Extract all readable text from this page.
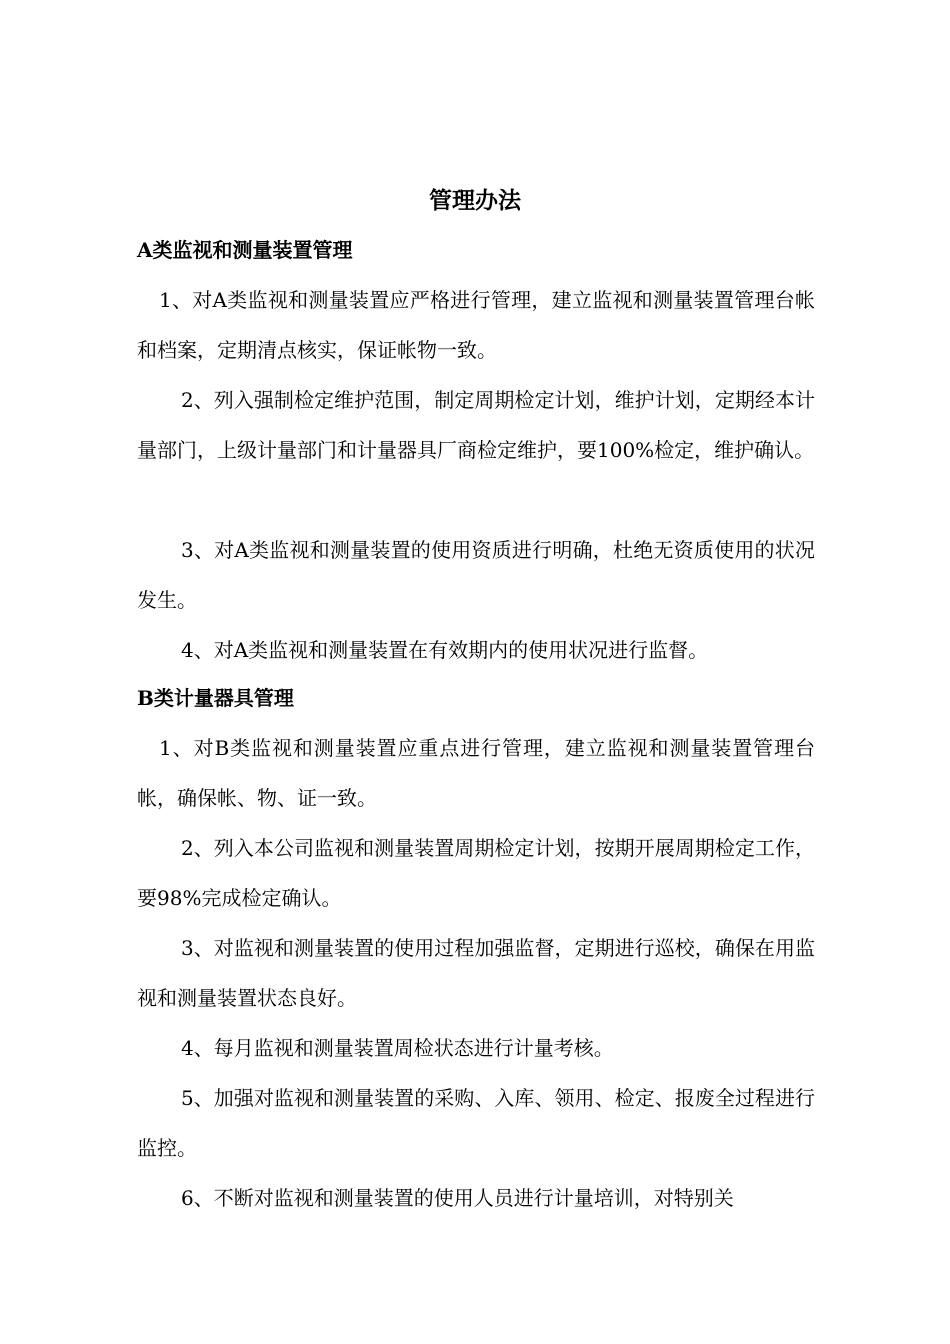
管理办法
A类监视和测量装置管理

1、对A类监视和测量装置应严格进行管理，建立监视和测量装置管理台帐和档案，定期清点核实，保证帐物一致。

2、列入强制检定维护范围，制定周期检定计划，维护计划，定期经本计量部门，上级计量部门和计量器具厂商检定维护，要100%检定，维护确认。

3、对A类监视和测量装置的使用资质进行明确，杜绝无资质使用的状况发生。

4、对A类监视和测量装置在有效期内的使用状况进行监督。

B类计量器具管理

1、对B类监视和测量装置应重点进行管理，建立监视和测量装置管理台帐，确保帐、物、证一致。

2、列入本公司监视和测量装置周期检定计划，按期开展周期检定工作，要98%完成检定确认。

3、对监视和测量装置的使用过程加强监督，定期进行巡校，确保在用监视和测量装置状态良好。

4、每月监视和测量装置周检状态进行计量考核。

5、加强对监视和测量装置的采购、入库、领用、检定、报废全过程进行监控。

6、不断对监视和测量装置的使用人员进行计量培训，对特别关
